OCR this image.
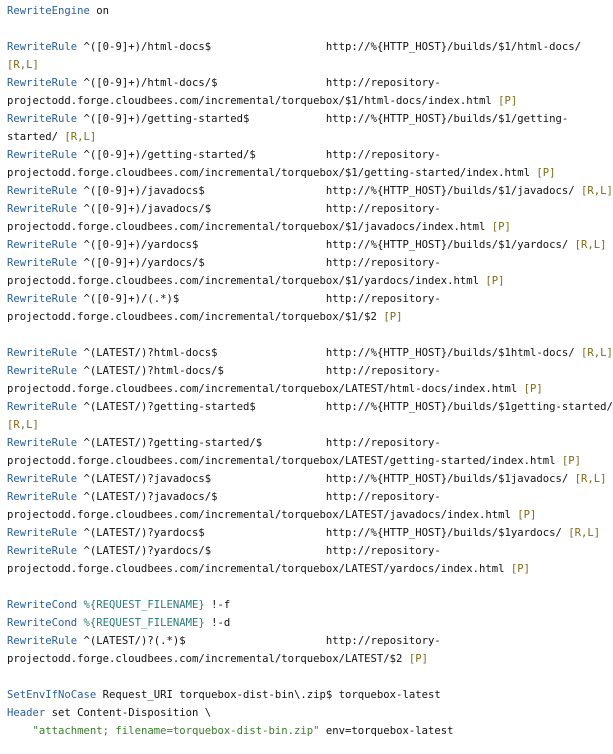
RewriteEngine on
RewriteRule ^([0-9]+)/html-docs$                  http://%{HTTP_HOST}/builds/$1/html-docs/
[R,L]
RewriteRule ^([0-9]+)/html-docs/$                 http://repository-
projectodd.forge.cloudbees.com/incremental/torquebox/$1/html-docs/index.html [P]
RewriteRule ^([0-9]+)/getting-started$            http://%{HTTP_HOST}/builds/$1/getting-
started/ [R,L]
RewriteRule ^([0-9]+)/getting-started/$           http://repository-
projectodd.forge.cloudbees.com/incremental/torquebox/$1/getting-started/index.html [P]
RewriteRule ^([0-9]+)/javadocs$                   http://%{HTTP_HOST}/builds/$1/javadocs/ [R,L]
RewriteRule ^([0-9]+)/javadocs/$                  http://repository-
projectodd.forge.cloudbees.com/incremental/torquebox/$1/javadocs/index.html [P]
RewriteRule ^([0-9]+)/yardocs$                    http://%{HTTP_HOST}/builds/$1/yardocs/ [R,L]
RewriteRule ^([0-9]+)/yardocs/$                   http://repository-
projectodd.forge.cloudbees.com/incremental/torquebox/$1/yardocs/index.html [P]
RewriteRule ^([0-9]+)/(.*)$                       http://repository-
projectodd.forge.cloudbees.com/incremental/torquebox/$1/$2 [P]
RewriteRule ^(LATEST/)?html-docs$                 http://%{HTTP_HOST}/builds/$1html-docs/ [R,L]
RewriteRule ^(LATEST/)?html-docs/$                http://repository-
projectodd.forge.cloudbees.com/incremental/torquebox/LATEST/html-docs/index.html [P]
RewriteRule ^(LATEST/)?getting-started$           http://%{HTTP_HOST}/builds/$1getting-started/
[R,L]
RewriteRule ^(LATEST/)?getting-started/$          http://repository-
projectodd.forge.cloudbees.com/incremental/torquebox/LATEST/getting-started/index.html [P]
RewriteRule ^(LATEST/)?javadocs$                  http://%{HTTP_HOST}/builds/$1javadocs/ [R,L]
RewriteRule ^(LATEST/)?javadocs/$                 http://repository-
projectodd.forge.cloudbees.com/incremental/torquebox/LATEST/javadocs/index.html [P]
RewriteRule ^(LATEST/)?yardocs$                   http://%{HTTP_HOST}/builds/$1yardocs/ [R,L]
RewriteRule ^(LATEST/)?yardocs/$                  http://repository-
projectodd.forge.cloudbees.com/incremental/torquebox/LATEST/yardocs/index.html [P]
RewriteCond %{REQUEST_FILENAME} !-f
RewriteCond %{REQUEST_FILENAME} !-d
RewriteRule ^(LATEST/)?(.*)$                      http://repository-
projectodd.forge.cloudbees.com/incremental/torquebox/LATEST/$2 [P]
SetEnvIfNoCase Request_URI torquebox-dist-bin\.zip$ torquebox-latest
Header set Content-Disposition \
"attachment; filename=torquebox-dist-bin.zip" env=torquebox-latest
